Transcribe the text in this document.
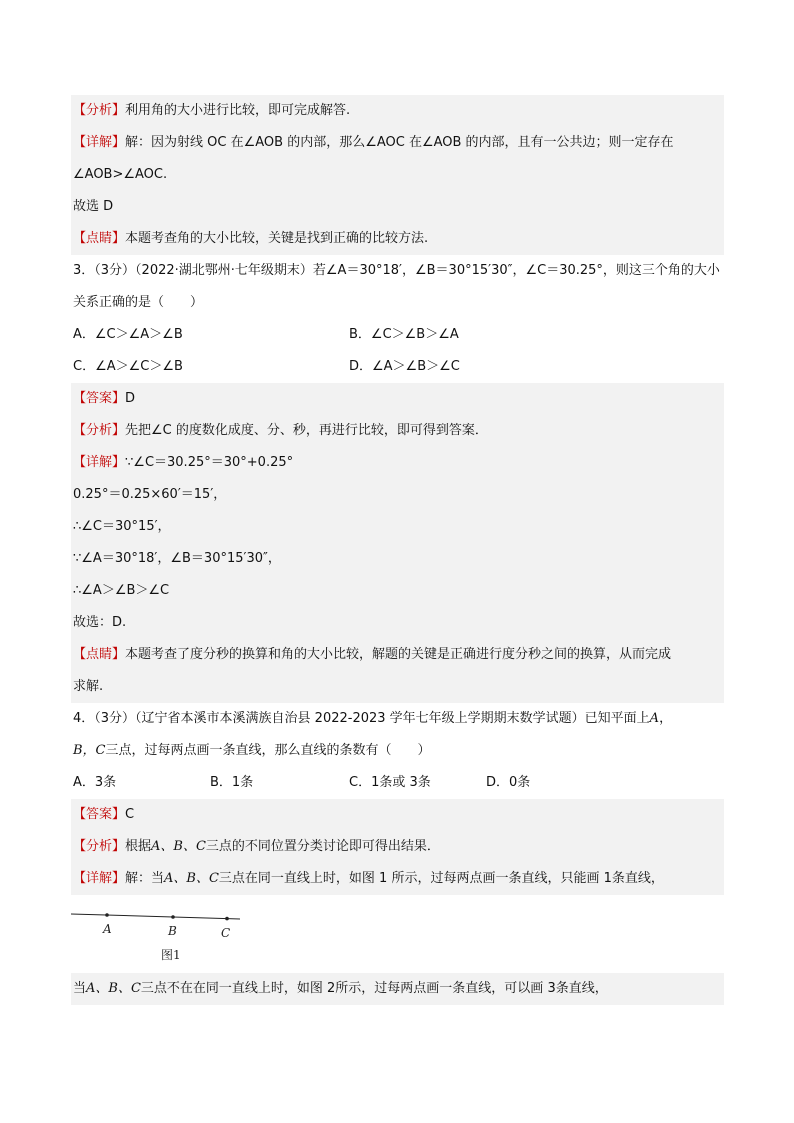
【分析】利用角的大小进行比较，即可完成解答.
【详解】解：因为射线 OC 在∠AOB 的内部，那么∠AOC 在∠AOB 的内部，且有一公共边；则一定存在
∠AOB>∠AOC.
故选 D
【点睛】本题考查角的大小比较，关键是找到正确的比较方法.
3．（3分）（2022·湖北鄂州·七年级期末）若∠A＝30°18′，∠B＝30°15′30″，∠C＝30.25°，则这三个角的大小
关系正确的是（　　）
A．∠C＞∠A＞∠B	B．∠C＞∠B＞∠A
C．∠A＞∠C＞∠B	D．∠A＞∠B＞∠C
【答案】D
【分析】先把∠C 的度数化成度、分、秒，再进行比较，即可得到答案．
【详解】∵∠C＝30.25°＝30°+0.25°
0.25°＝0.25×60′＝15′，
∴∠C＝30°15′，
∵∠A＝30°18′，∠B＝30°15′30″，
∴∠A＞∠B＞∠C
故选：D.
【点睛】本题考查了度分秒的换算和角的大小比较，解题的关键是正确进行度分秒之间的换算，从而完成
求解.
4．（3分）（辽宁省本溪市本溪满族自治县 2022-2023 学年七年级上学期期末数学试题）已知平面上A，
B，C三点，过每两点画一条直线，那么直线的条数有（　　）
A．3条	B．1条	C．1条或 3条	D．0条
【答案】C
【分析】根据A、B、C三点的不同位置分类讨论即可得出结果．
【详解】解：当A、B、C三点在同一直线上时，如图 1 所示，过每两点画一条直线，只能画 1条直线，
A	B	C
图1
当A、B、C三点不在在同一直线上时，如图 2所示，过每两点画一条直线，可以画 3条直线，
